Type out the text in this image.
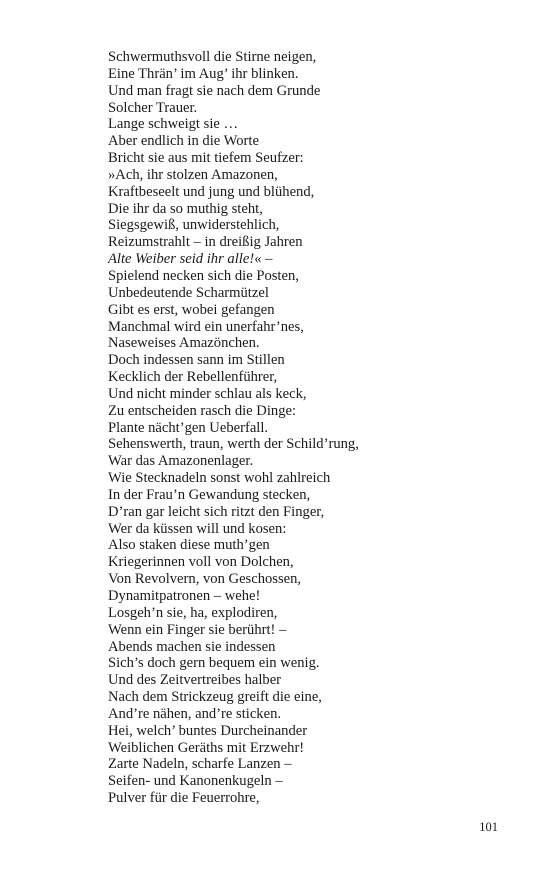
Schwermuthsvoll die Stirne neigen,
Eine Thrän’ im Aug’ ihr blinken.
Und man fragt sie nach dem Grunde
Solcher Trauer.
Lange schweigt sie …
Aber endlich in die Worte
Bricht sie aus mit tiefem Seufzer:
»Ach, ihr stolzen Amazonen,
Kraftbeseelt und jung und blühend,
Die ihr da so muthig steht,
Siegsgewiß, unwiderstehlich,
Reizumstrahlt – in dreißig Jahren
Alte Weiber seid ihr alle!« –
Spielend necken sich die Posten,
Unbedeutende Scharmützel
Gibt es erst, wobei gefangen
Manchmal wird ein unerfahr’nes,
Naseweises Amazönchen.
Doch indessen sann im Stillen
Kecklich der Rebellenführer,
Und nicht minder schlau als keck,
Zu entscheiden rasch die Dinge:
Plante nächt’gen Ueberfall.
Sehenswerth, traun, werth der Schild’rung,
War das Amazonenlager.
Wie Stecknadeln sonst wohl zahlreich
In der Frau’n Gewandung stecken,
D’ran gar leicht sich ritzt den Finger,
Wer da küssen will und kosen:
Also staken diese muth’gen
Kriegerinnen voll von Dolchen,
Von Revolvern, von Geschossen,
Dynamitpatronen – wehe!
Losgeh’n sie, ha, explodiren,
Wenn ein Finger sie berührt! –
Abends machen sie indessen
Sich’s doch gern bequem ein wenig.
Und des Zeitvertreibes halber
Nach dem Strickzeug greift die eine,
And’re nähen, and’re sticken.
Hei, welch’ buntes Durcheinander
Weiblichen Geräths mit Erzwehr!
Zarte Nadeln, scharfe Lanzen –
Seifen- und Kanonenkugeln –
Pulver für die Feuerrohre,
101
